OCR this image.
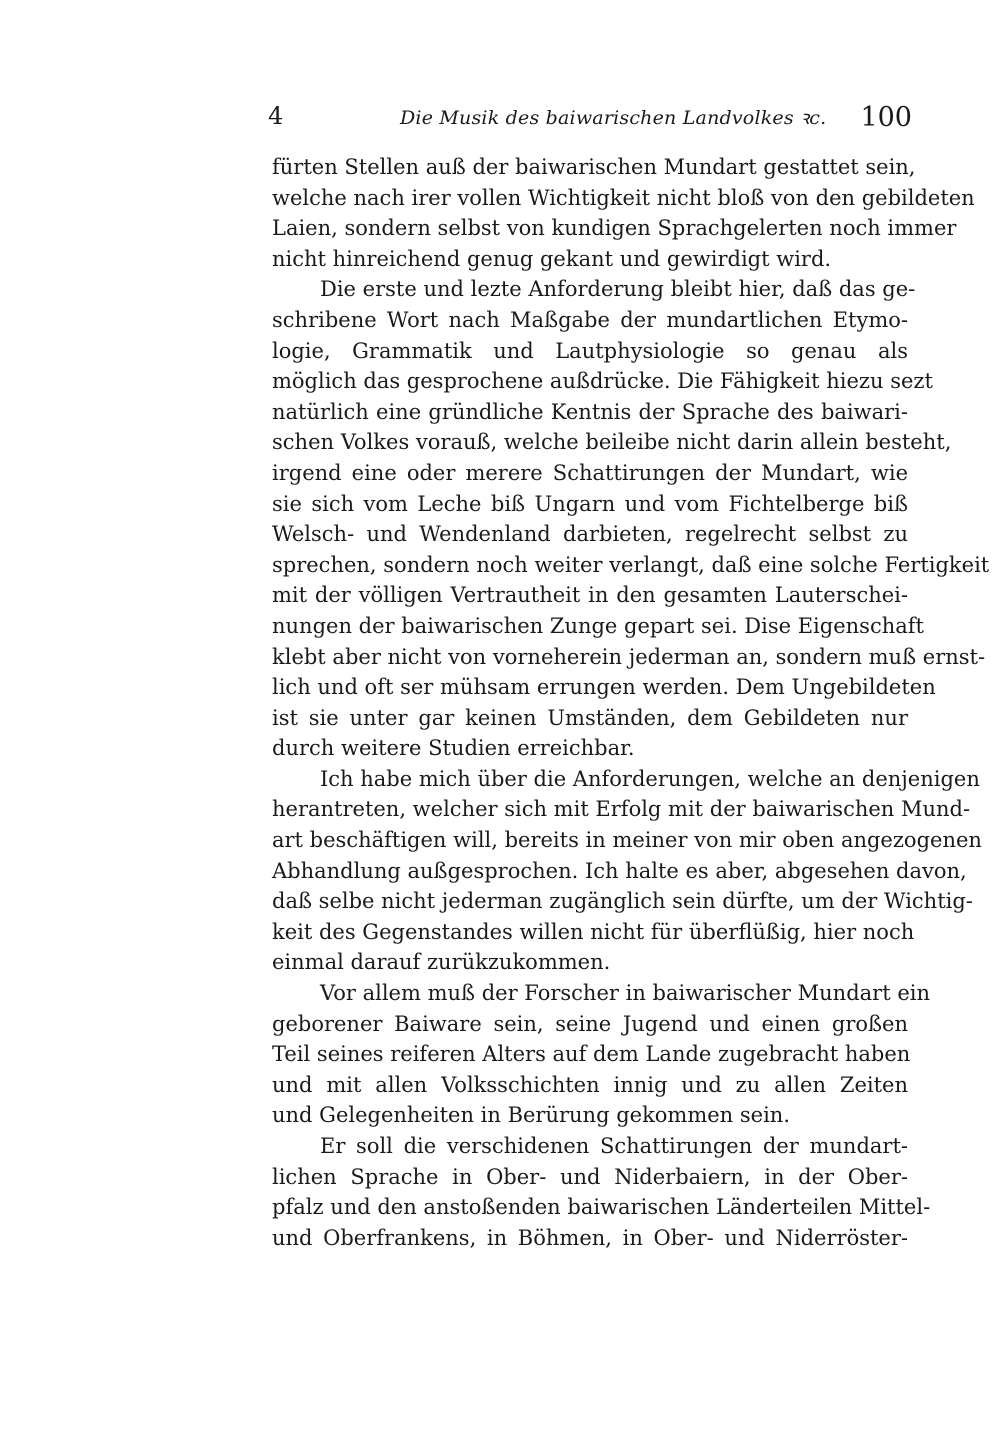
4	Die Musik des baiwarischen Landvolkes ꝛc. 100
fürten Stellen auß der baiwarischen Mundart gestattet sein,
welche nach irer vollen Wichtigkeit nicht bloß von den gebildeten
Laien, sondern selbst von kundigen Sprachgelerten noch immer
nicht hinreichend genug gekant und gewirdigt wird.
Die erste und lezte Anforderung bleibt hier, daß das ge-
schribene Wort nach Maßgabe der mundartlichen Etymo-
logie, Grammatik und Lautphysiologie so genau als
möglich das gesprochene außdrücke. Die Fähigkeit hiezu sezt
natürlich eine gründliche Kentnis der Sprache des baiwari-
schen Volkes vorauß, welche beileibe nicht darin allein besteht,
irgend eine oder merere Schattirungen der Mundart, wie
sie sich vom Leche biß Ungarn und vom Fichtelberge biß
Welsch- und Wendenland darbieten, regelrecht selbst zu
sprechen, sondern noch weiter verlangt, daß eine solche Fertigkeit
mit der völligen Vertrautheit in den gesamten Lauterschei-
nungen der baiwarischen Zunge gepart sei. Dise Eigenschaft
klebt aber nicht von vorneherein jederman an, sondern muß ernst-
lich und oft ser mühsam errungen werden. Dem Ungebildeten
ist sie unter gar keinen Umständen, dem Gebildeten nur
durch weitere Studien erreichbar.
Ich habe mich über die Anforderungen, welche an denjenigen
herantreten, welcher sich mit Erfolg mit der baiwarischen Mund-
art beschäftigen will, bereits in meiner von mir oben angezogenen
Abhandlung außgesprochen. Ich halte es aber, abgesehen davon,
daß selbe nicht jederman zugänglich sein dürfte, um der Wichtig-
keit des Gegenstandes willen nicht für überflüßig, hier noch
einmal darauf zurükzukommen.
Vor allem muß der Forscher in baiwarischer Mundart ein
geborener Baiware sein, seine Jugend und einen großen
Teil seines reiferen Alters auf dem Lande zugebracht haben
und mit allen Volksschichten innig und zu allen Zeiten
und Gelegenheiten in Berürung gekommen sein.
Er soll die verschidenen Schattirungen der mundart-
lichen Sprache in Ober- und Niderbaiern, in der Ober-
pfalz und den anstoßenden baiwarischen Länderteilen Mittel-
und Oberfrankens, in Böhmen, in Ober- und Niderröster-
